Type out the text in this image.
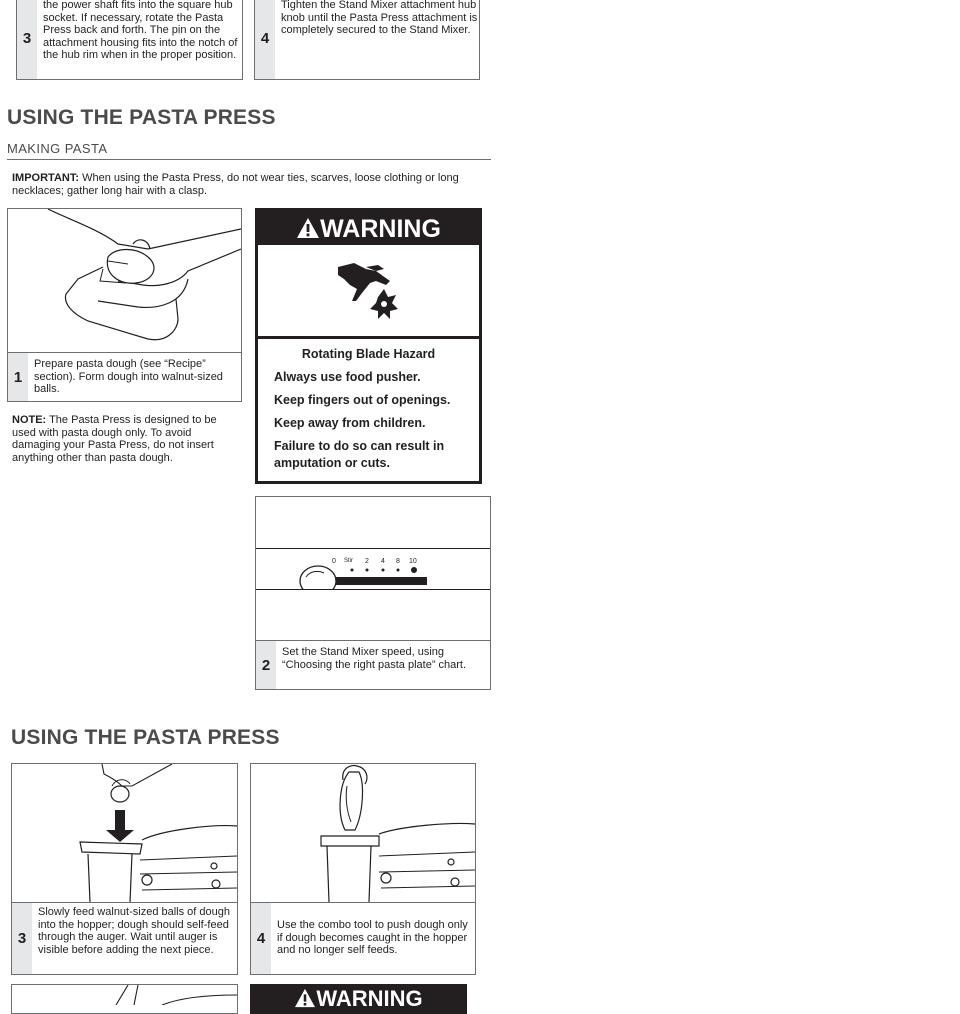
3
the power shaft fits into the square hub socket. If necessary, rotate the Pasta Press back and forth. The pin on the attachment housing fits into the notch of the hub rim when in the proper position.
4
Tighten the Stand Mixer attachment hub knob until the Pasta Press attachment is completely secured to the Stand Mixer.
USING THE PASTA PRESS
MAKING PASTA
IMPORTANT: When using the Pasta Press, do not wear ties, scarves, loose clothing or long necklaces; gather long hair with a clasp.
1
Prepare pasta dough (see “Recipe” section). Form dough into walnut-sized balls.
NOTE: The Pasta Press is designed to be used with pasta dough only. To avoid damaging your Pasta Press, do not insert anything other than pasta dough.
WARNING
Rotating Blade Hazard
Always use food pusher.
Keep fingers out of openings.
Keep away from children.
Failure to do so can result in
amputation or cuts.
0 Stir 2 4 8 10
2
Set the Stand Mixer speed, using “Choosing the right pasta plate” chart.
USING THE PASTA PRESS
3
Slowly feed walnut-sized balls of dough into the hopper; dough should self-feed through the auger. Wait until auger is visible before adding the next piece.
4
Use the combo tool to push dough only if dough becomes caught in the hopper and no longer self feeds.
WARNING
